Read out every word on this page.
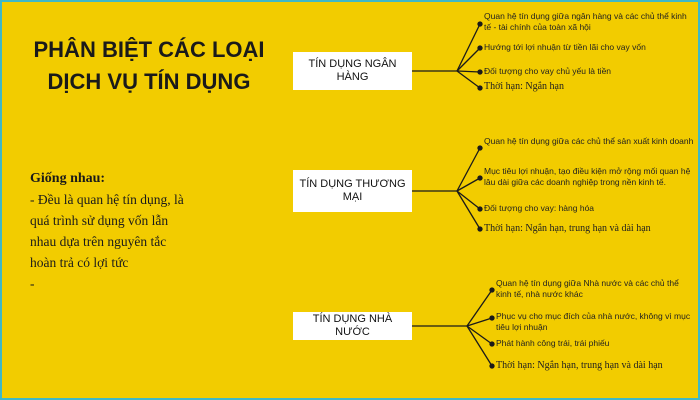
PHÂN BIỆT CÁC LOẠI
DỊCH VỤ TÍN DỤNG
Giống nhau:
- Đều là quan hệ tín dụng, là
quá trình sử dụng vốn lẫn
nhau dựa trên nguyên tắc
hoàn trả có lợi tức
-
TÍN DỤNG NGÂN HÀNG
Quan hệ tín dụng giữa ngân hàng và các chủ thể kinh tế - tài chính của toàn xã hội
Hướng tới lợi nhuận từ tiền lãi cho vay vốn
Đối tượng cho vay chủ yếu là tiền
Thời hạn: Ngắn hạn
TÍN DỤNG THƯƠNG MẠI
Quan hệ tín dụng giữa các chủ thể sản xuất kinh doanh
Mục tiêu lợi nhuận, tạo điều kiện mở rộng mối quan hệ lâu dài giữa các doanh nghiệp trong nền kinh tế.
Đối tượng cho vay: hàng hóa
Thời hạn: Ngắn hạn, trung hạn và dài hạn
TÍN DỤNG NHÀ NƯỚC
Quan hệ tín dụng giữa Nhà nước và các chủ thể kinh tế, nhà nước khác
Phục vụ cho mục đích của nhà nước, không vì mục tiêu lợi nhuận
Phát hành công trái, trái phiếu
Thời hạn: Ngắn hạn, trung hạn và dài hạn
